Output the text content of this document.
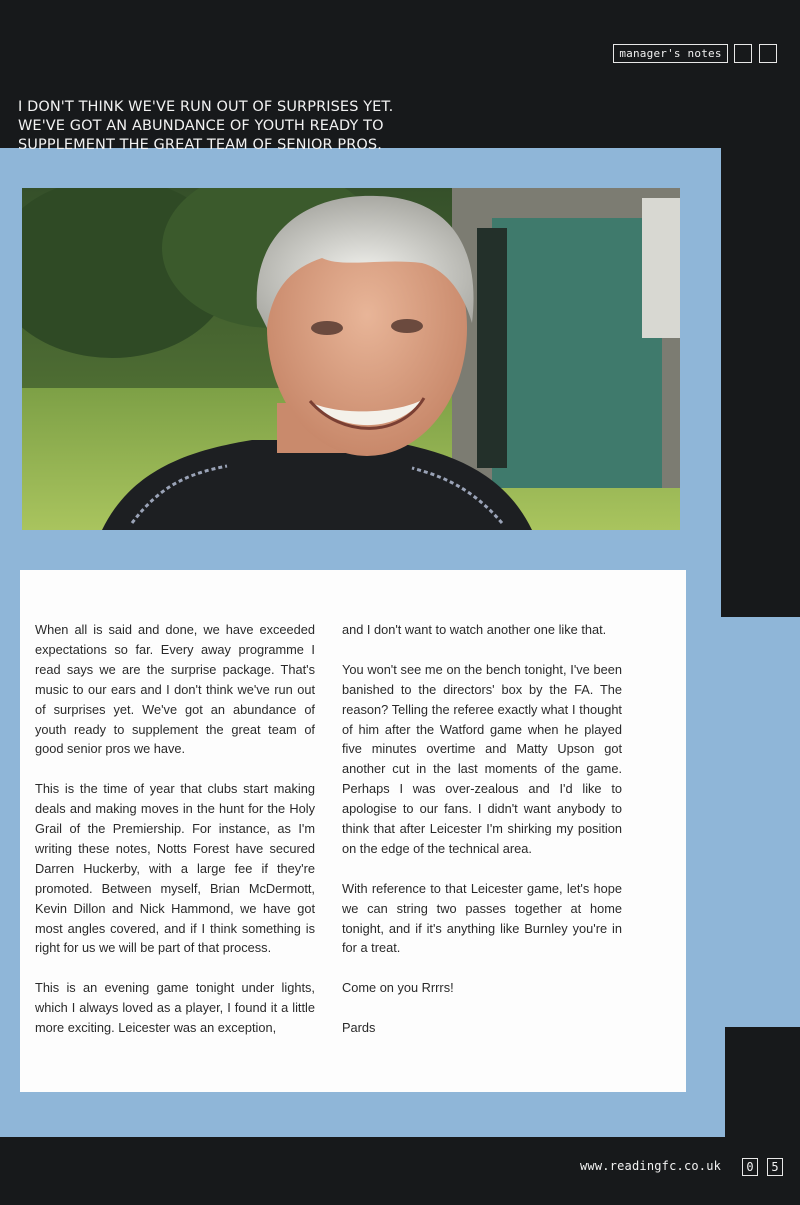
manager's notes
I DON'T THINK WE'VE RUN OUT OF SURPRISES YET.
WE'VE GOT AN ABUNDANCE OF YOUTH READY TO
SUPPLEMENT THE GREAT TEAM OF SENIOR PROS.

When all is said and done, we have exceeded expectations so far. Every away programme I read says we are the surprise package. That's music to our ears and I don't think we've run out of surprises yet. We've got an abundance of youth ready to supplement the great team of good senior pros we have.

This is the time of year that clubs start making deals and making moves in the hunt for the Holy Grail of the Premiership. For instance, as I'm writing these notes, Notts Forest have secured Darren Huckerby, with a large fee if they're promoted. Between myself, Brian McDermott, Kevin Dillon and Nick Hammond, we have got most angles covered, and if I think something is right for us we will be part of that process.

This is an evening game tonight under lights, which I always loved as a player, I found it a little more exciting. Leicester was an exception,

and I don't want to watch another one like that.

You won't see me on the bench tonight, I've been banished to the directors' box by the FA. The reason? Telling the referee exactly what I thought of him after the Watford game when he played five minutes overtime and Matty Upson got another cut in the last moments of the game. Perhaps I was over-zealous and I'd like to apologise to our fans. I didn't want anybody to think that after Leicester I'm shirking my position on the edge of the technical area.

With reference to that Leicester game, let's hope we can string two passes together at home tonight, and if it's anything like Burnley you're in for a treat.

Come on you Rrrrs!

Pards

www.readingfc.co.uk	0	5
